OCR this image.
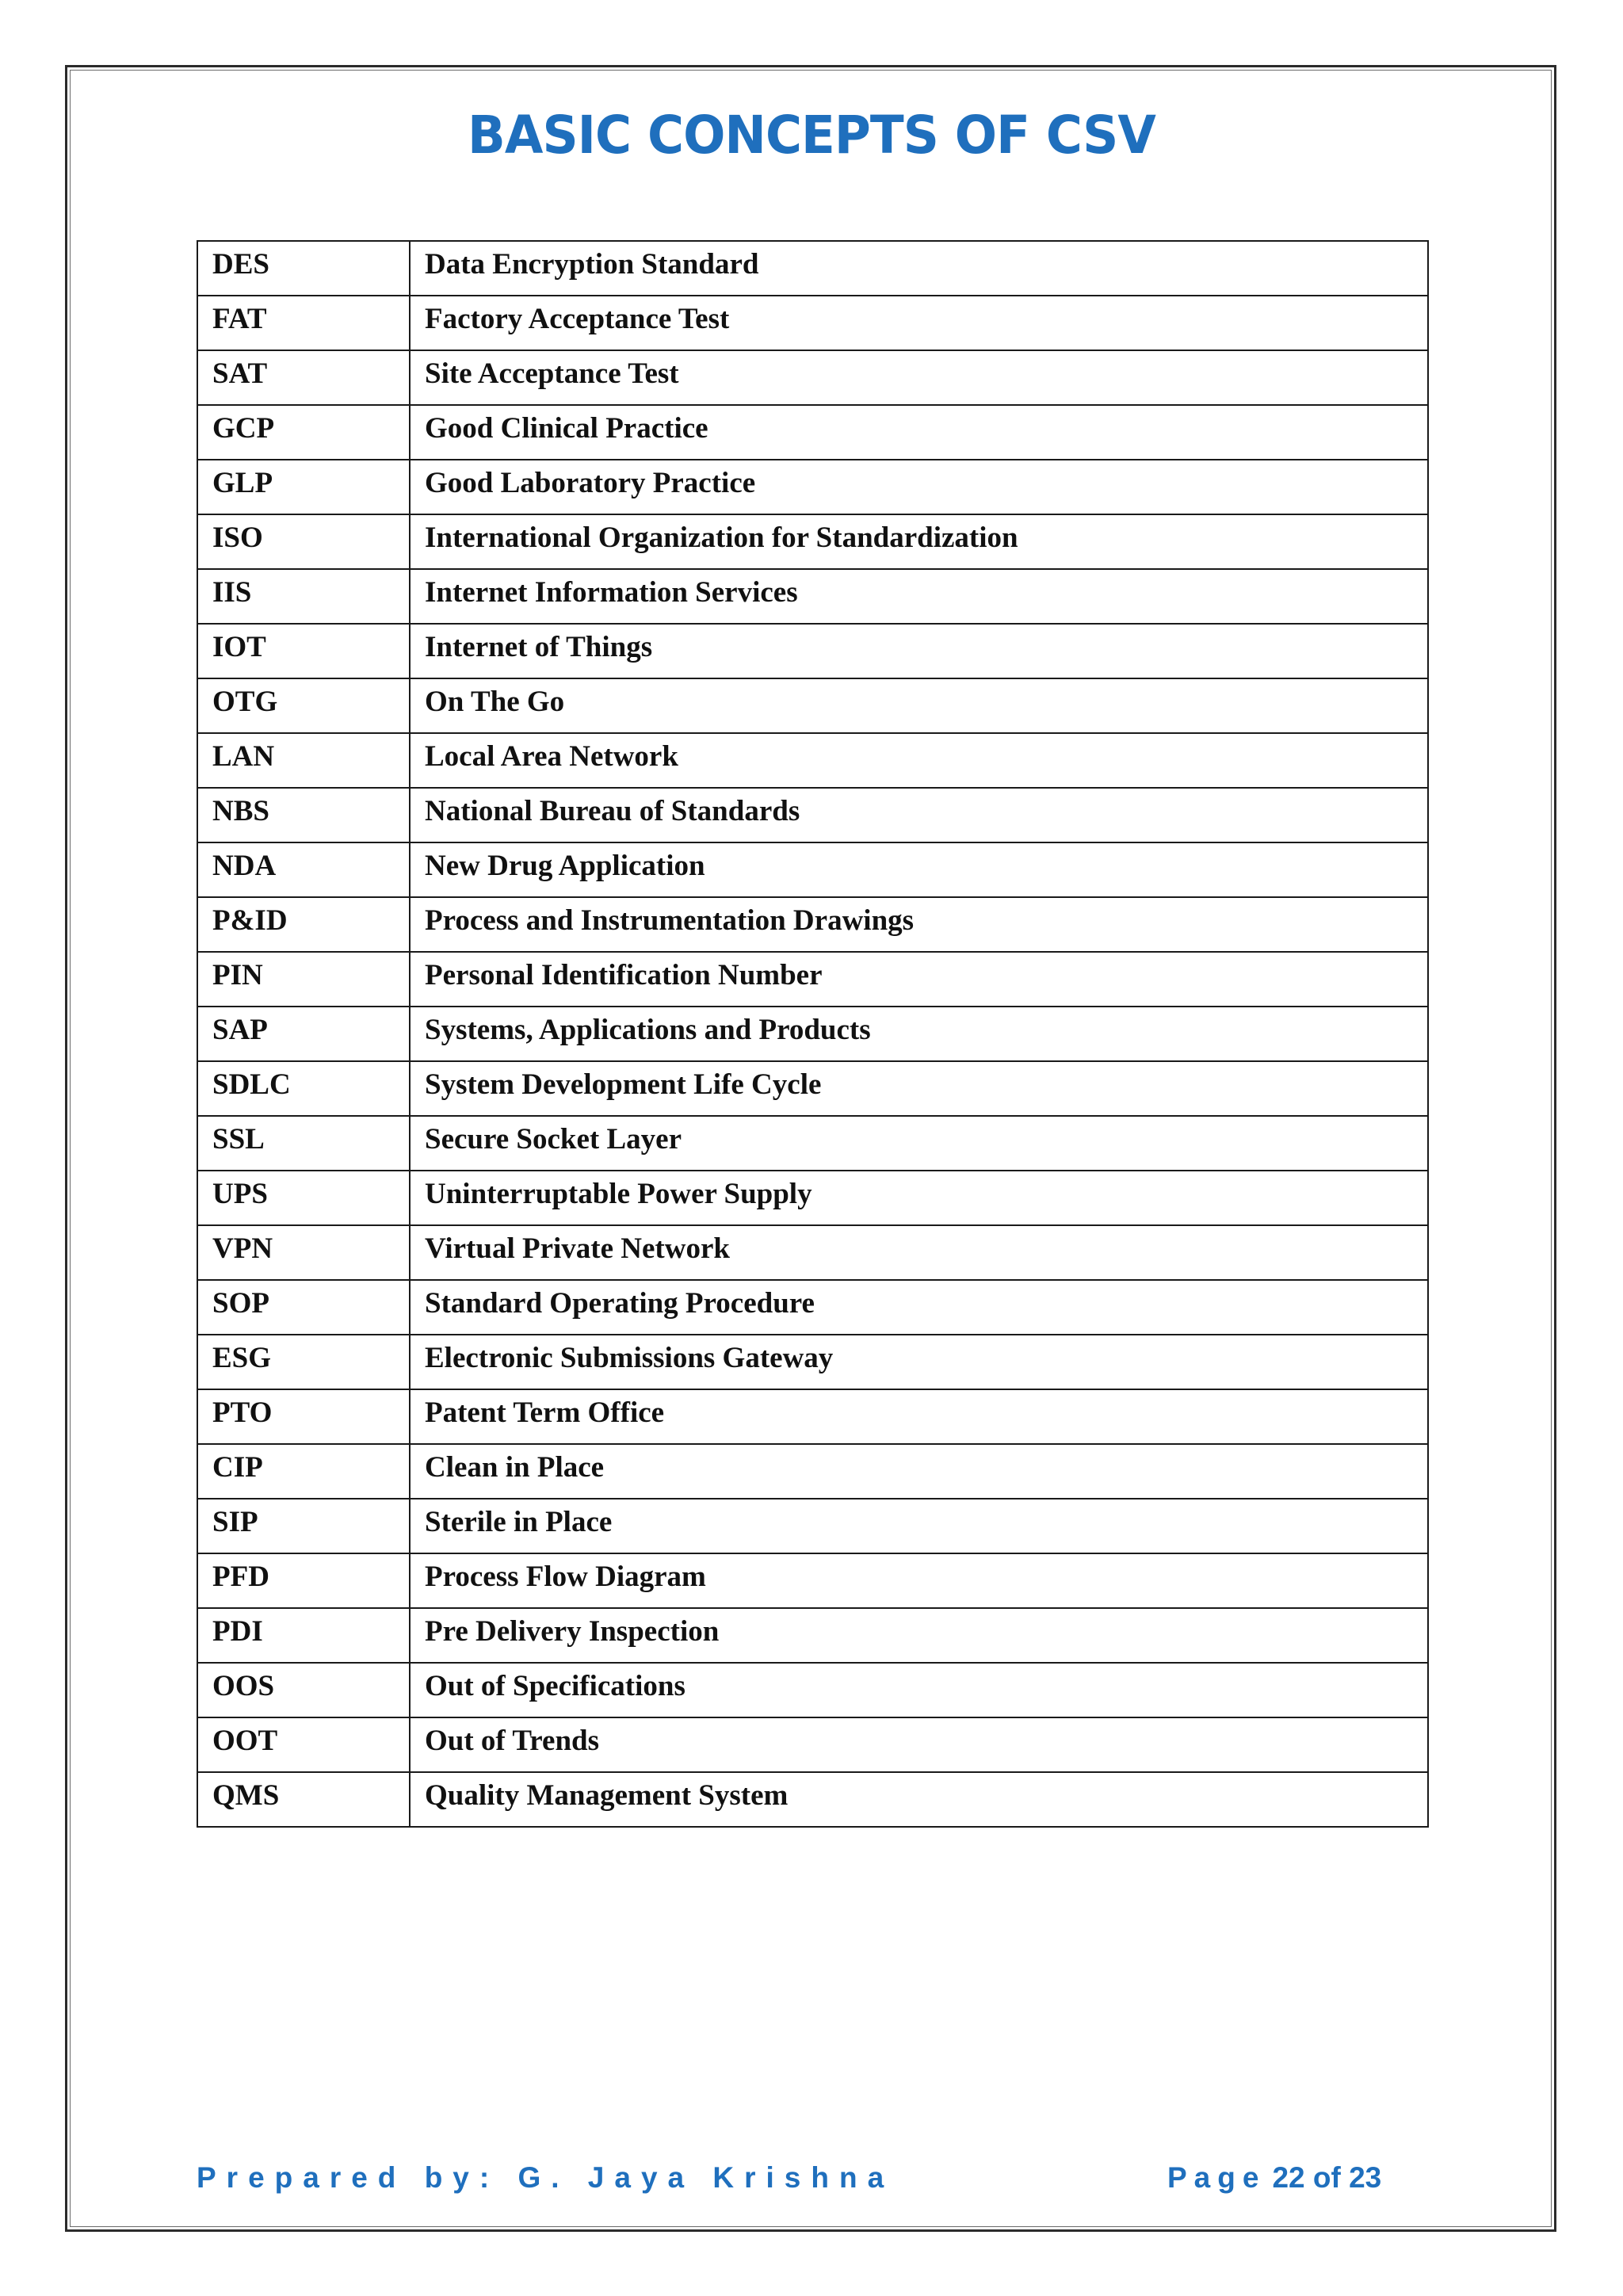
BASIC CONCEPTS OF CSV
DES	Data Encryption Standard

FAT	Factory Acceptance Test

SAT	Site Acceptance Test

GCP	Good Clinical Practice

GLP	Good Laboratory Practice

ISO	International Organization for Standardization

IIS	Internet Information Services

IOT	Internet of Things

OTG	On The Go

LAN	Local Area Network

NBS	National Bureau of Standards

NDA	New Drug Application

P&ID	Process and Instrumentation Drawings

PIN	Personal Identification Number

SAP	Systems, Applications and Products

SDLC	System Development Life Cycle

SSL	Secure Socket Layer

UPS	Uninterruptable Power Supply

VPN	Virtual Private Network

SOP	Standard Operating Procedure

ESG	Electronic Submissions Gateway

PTO	Patent Term Office

CIP	Clean in Place

SIP	Sterile in Place

PFD	Process Flow Diagram

PDI	Pre Delivery Inspection

OOS	Out of Specifications

OOT	Out of Trends

QMS	Quality Management System
Prepared by: G. Jaya Krishna	Page 22 of 23
